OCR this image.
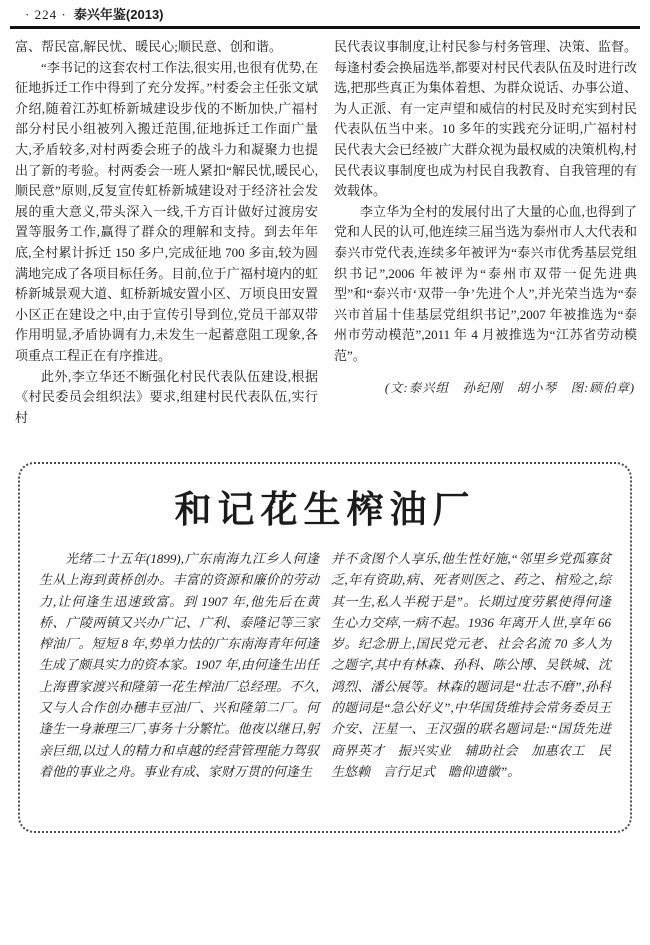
· 224 · 泰兴年鉴(2013)

富、帮民富,解民忧、暖民心;顺民意、创和谐。

“李书记的这套农村工作法,很实用,也很有优势,在征地拆迁工作中得到了充分发挥。”村委会主任张文斌介绍,随着江苏虹桥新城建设步伐的不断加快,广福村部分村民小组被列入搬迁范围,征地拆迁工作面广量大,矛盾较多,对村两委会班子的战斗力和凝聚力也提出了新的考验。村两委会一班人紧扣“解民忧,暖民心,顺民意”原则,反复宣传虹桥新城建设对于经济社会发展的重大意义,带头深入一线,千方百计做好过渡房安置等服务工作,赢得了群众的理解和支持。到去年年底,全村累计拆迁 150 多户,完成征地 700 多亩,较为圆满地完成了各项目标任务。目前,位于广福村境内的虹桥新城景观大道、虹桥新城安置小区、万顷良田安置小区正在建设之中,由于宣传引导到位,党员干部双带作用明显,矛盾协调有力,未发生一起蓄意阻工现象,各项重点工程正在有序推进。

此外,李立华还不断强化村民代表队伍建设,根据《村民委员会组织法》要求,组建村民代表队伍,实行村

民代表议事制度,让村民参与村务管理、决策、监督。每逢村委会换届选举,都要对村民代表队伍及时进行改选,把那些真正为集体着想、为群众说话、办事公道、为人正派、有一定声望和威信的村民及时充实到村民代表队伍当中来。10 多年的实践充分证明,广福村村民代表大会已经被广大群众视为最权威的决策机构,村民代表议事制度也成为村民自我教育、自我管理的有效载体。

李立华为全村的发展付出了大量的心血,也得到了党和人民的认可,他连续三届当选为泰州市人大代表和泰兴市党代表,连续多年被评为“泰兴市优秀基层党组织书记”,2006 年被评为“泰州市双带一促先进典型”和“泰兴市‘双带一争’先进个人”,并光荣当选为“泰兴市首届十佳基层党组织书记”,2007 年被推选为“泰州市劳动模范”,2011 年 4 月被推选为“江苏省劳动模范”。

(文:泰兴组　孙纪刚　胡小琴　图:顾伯章)

和记花生榨油厂

光绪二十五年(1899),广东南海九江乡人何逢生从上海到黄桥创办。丰富的资源和廉价的劳动力,让何逢生迅速致富。到 1907 年,他先后在黄桥、广陵两镇又兴办广记、广利、泰隆记等三家榨油厂。短短 8 年,势单力怯的广东南海青年何逢生成了颇具实力的资本家。1907 年,由何逢生出任上海曹家渡兴和隆第一花生榨油厂总经理。不久,又与人合作创办穗丰豆油厂、兴和隆第二厂。何逢生一身兼理三厂,事务十分繁忙。他夜以继日,躬亲巨细,以过人的精力和卓越的经营管理能力驾驭着他的事业之舟。事业有成、家财万贯的何逢生

并不贪图个人享乐,他生性好施,“邻里乡党孤寡贫乏,年有资助,病、死者则医之、药之、棺殓之,综其一生,私人半税于是”。长期过度劳累使得何逢生心力交瘁,一病不起。1936 年离开人世,享年 66 岁。纪念册上,国民党元老、社会名流 70 多人为之题字,其中有林森、孙科、陈公博、吴铁城、沈鸿烈、潘公展等。林森的题词是“壮志不磨”,孙科的题词是“急公好义”,中华国货维持会常务委员王介安、汪星一、王汉强的联名题词是:“国货先进　商界英才　振兴实业　辅助社会　加惠农工　民生悠赖　言行足式　瞻仰遗徽”。
